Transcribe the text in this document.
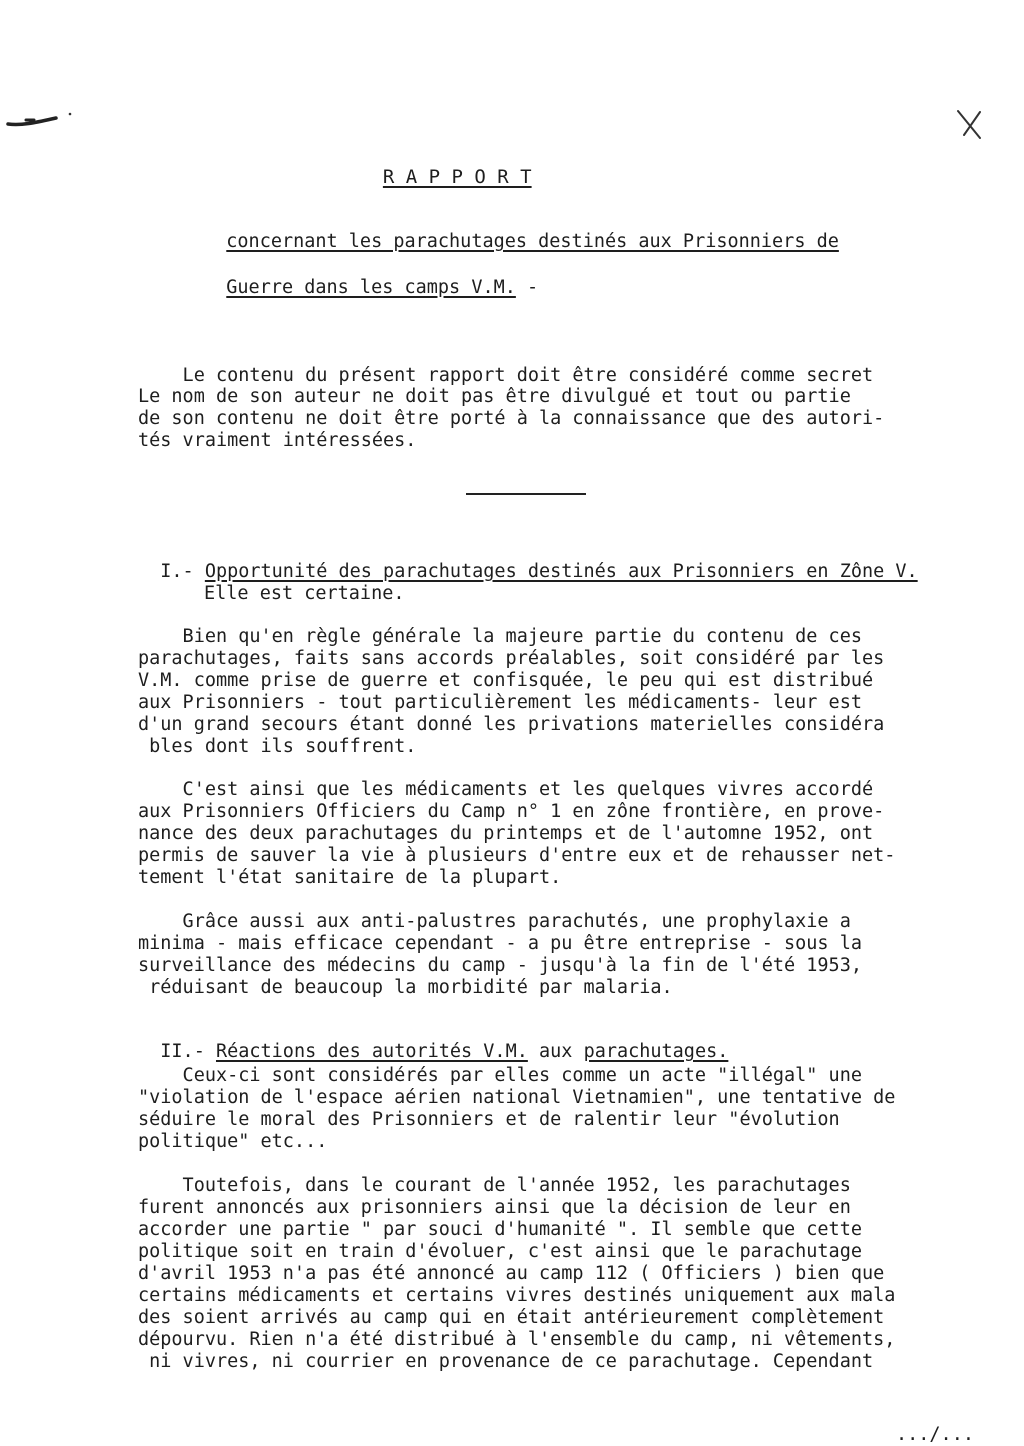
R A P P O R T

concernant les parachutages destinés aux Prisonniers de

Guerre dans les camps V.M. -

Le contenu du présent rapport doit être considéré comme secret
Le nom de son auteur ne doit pas être divulgué et tout ou partie
de son contenu ne doit être porté à la connaissance que des autori-
tés vraiment intéressées.

I.- Opportunité des parachutages destinés aux Prisonniers en Zône V.

Elle est certaine.
Bien qu'en règle générale la majeure partie du contenu de ces
parachutages, faits sans accords préalables, soit considéré par les
V.M. comme prise de guerre et confisquée, le peu qui est distribué
aux Prisonniers - tout particulièrement les médicaments- leur est
d'un grand secours étant donné les privations materielles considéra
bles dont ils souffrent.
C'est ainsi que les médicaments et les quelques vivres accordé
aux Prisonniers Officiers du Camp n° 1 en zône frontière, en prove-
nance des deux parachutages du printemps et de l'automne 1952, ont
permis de sauver la vie à plusieurs d'entre eux et de rehausser net-
tement l'état sanitaire de la plupart.
Grâce aussi aux anti-palustres parachutés, une prophylaxie a
minima - mais efficace cependant - a pu être entreprise - sous la
surveillance des médecins du camp - jusqu'à la fin de l'été 1953,
réduisant de beaucoup la morbidité par malaria.

II.- Réactions des autorités V.M. aux parachutages.

Ceux-ci sont considérés par elles comme un acte "illégal" une
"violation de l'espace aérien national Vietnamien", une tentative de
séduire le moral des Prisonniers et de ralentir leur "évolution
politique" etc...
Toutefois, dans le courant de l'année 1952, les parachutages
furent annoncés aux prisonniers ainsi que la décision de leur en
accorder une partie " par souci d'humanité ". Il semble que cette
politique soit en train d'évoluer, c'est ainsi que le parachutage
d'avril 1953 n'a pas été annoncé au camp 112 ( Officiers ) bien que
certains médicaments et certains vivres destinés uniquement aux mala
des soient arrivés au camp qui en était antérieurement complètement
dépourvu. Rien n'a été distribué à l'ensemble du camp, ni vêtements,
ni vivres, ni courrier en provenance de ce parachutage. Cependant
.../...
